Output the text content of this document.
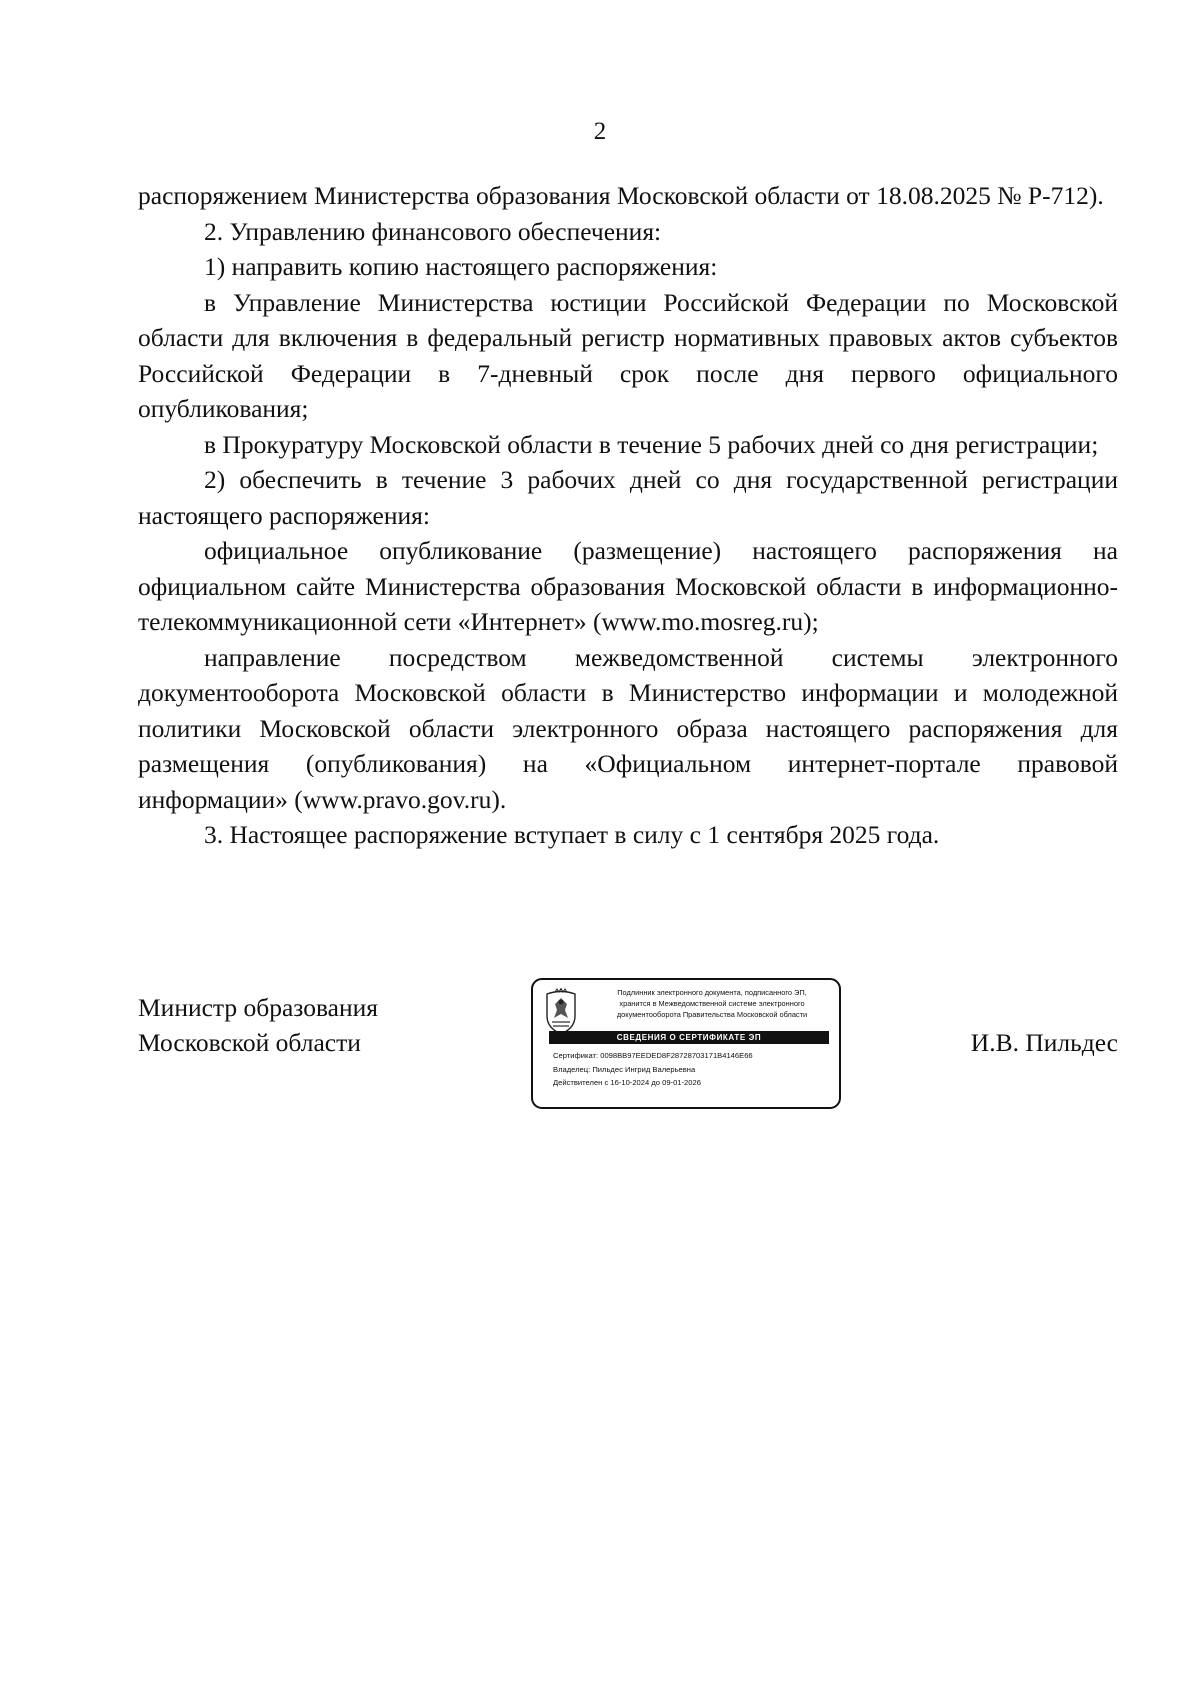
2

распоряжением Министерства образования Московской области от 18.08.2025 № Р-712).

2. Управлению финансового обеспечения:

1) направить копию настоящего распоряжения:

в Управление Министерства юстиции Российской Федерации по Московской области для включения в федеральный регистр нормативных правовых актов субъектов Российской Федерации в 7-дневный срок после дня первого официального опубликования;

в Прокуратуру Московской области в течение 5 рабочих дней со дня регистрации;

2) обеспечить в течение 3 рабочих дней со дня государственной регистрации настоящего распоряжения:

официальное опубликование (размещение) настоящего распоряжения на официальном сайте Министерства образования Московской области в информационно-телекоммуникационной сети «Интернет» (www.mo.mosreg.ru);

направление посредством межведомственной системы электронного документооборота Московской области в Министерство информации и молодежной политики Московской области электронного образа настоящего распоряжения для размещения (опубликования) на «Официальном интернет-портале правовой информации» (www.pravo.gov.ru).

3. Настоящее распоряжение вступает в силу с 1 сентября 2025 года.

Министр образования
Московской области
Подлинник электронного документа, подписанного ЭП,
хранится в Межведомственной системе электронного
документооборота Правительства Московской области
СВЕДЕНИЯ О СЕРТИФИКАТЕ ЭП
Сертификат: 0098BB97EEDED8F28728703171B4146E66
Владелец: Пильдес Ингрид Валерьевна
Действителен с 16-10-2024 до 09-01-2026
И.В. Пильдес
